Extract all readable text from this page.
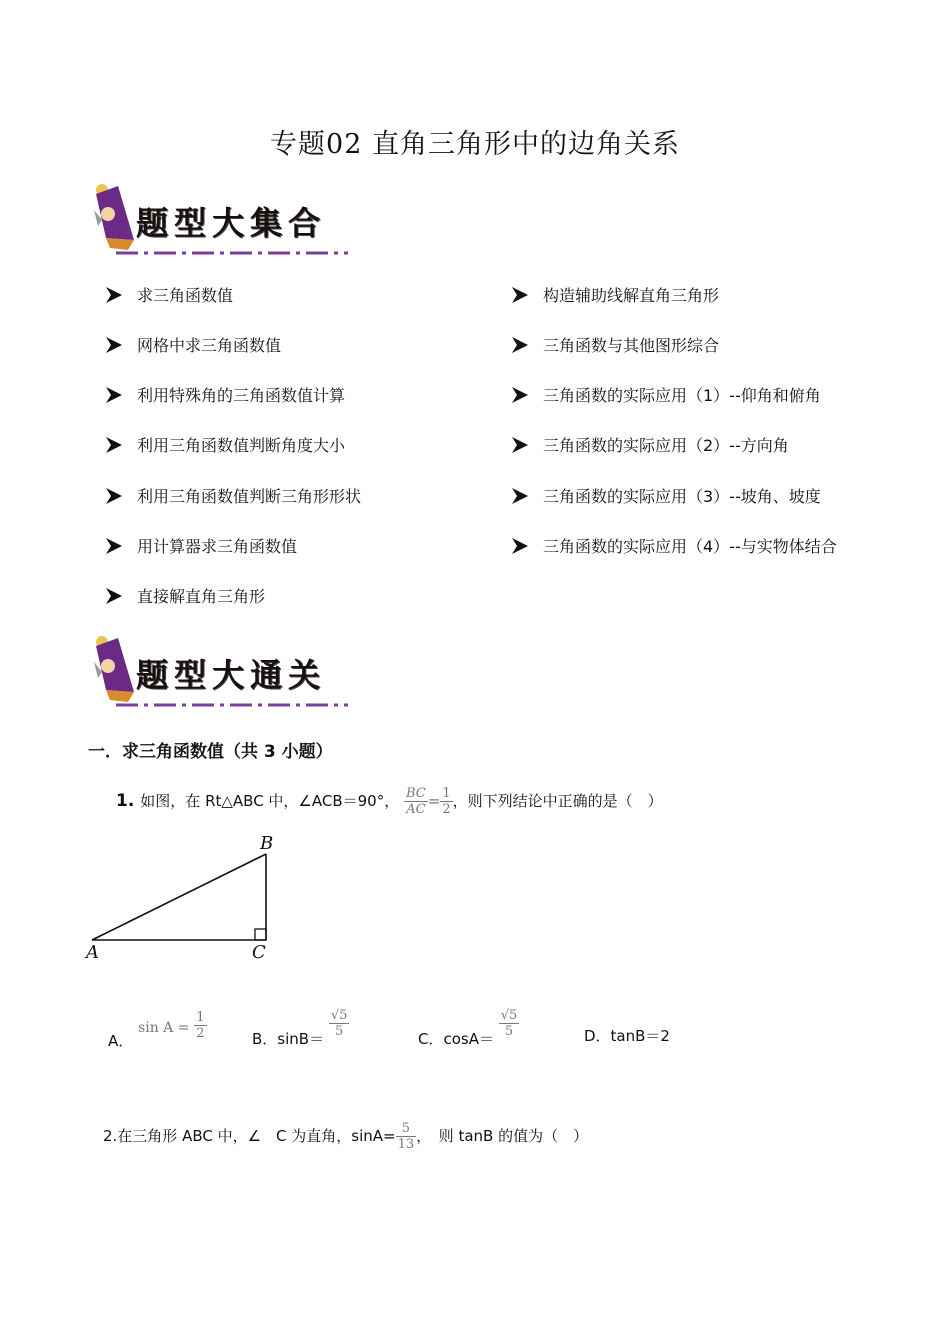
专题02 直角三角形中的边角关系
题型大集合
求三角函数值
网格中求三角函数值
利用特殊角的三角函数值计算
利用三角函数值判断角度大小
利用三角函数值判断三角形形状
用计算器求三角函数值
直接解直角三角形
构造辅助线解直角三角形
三角函数与其他图形综合
三角函数的实际应用（1）--仰角和俯角
三角函数的实际应用（2）--方向角
三角函数的实际应用（3）--坡角、坡度
三角函数的实际应用（4）--与实物体结合
题型大通关
一．求三角函数值（共 3 小题）
1. 如图，在 Rt△ABC 中，∠ACB＝90°， $\frac{BC}{AC} = \frac{1}{2}$ ，则下列结论中正确的是（　）
B
A	C
A． $\sin A = \frac{1}{2}$	B．$\sin B= \frac{√5}{5}$	C．$\cos A= \frac{√5}{5}$	D．tanB＝2
2.在三角形 ABC 中，∠　C 为直角，$\sin A= \frac{5}{13}$ ，　则 tanB 的值为（　）
